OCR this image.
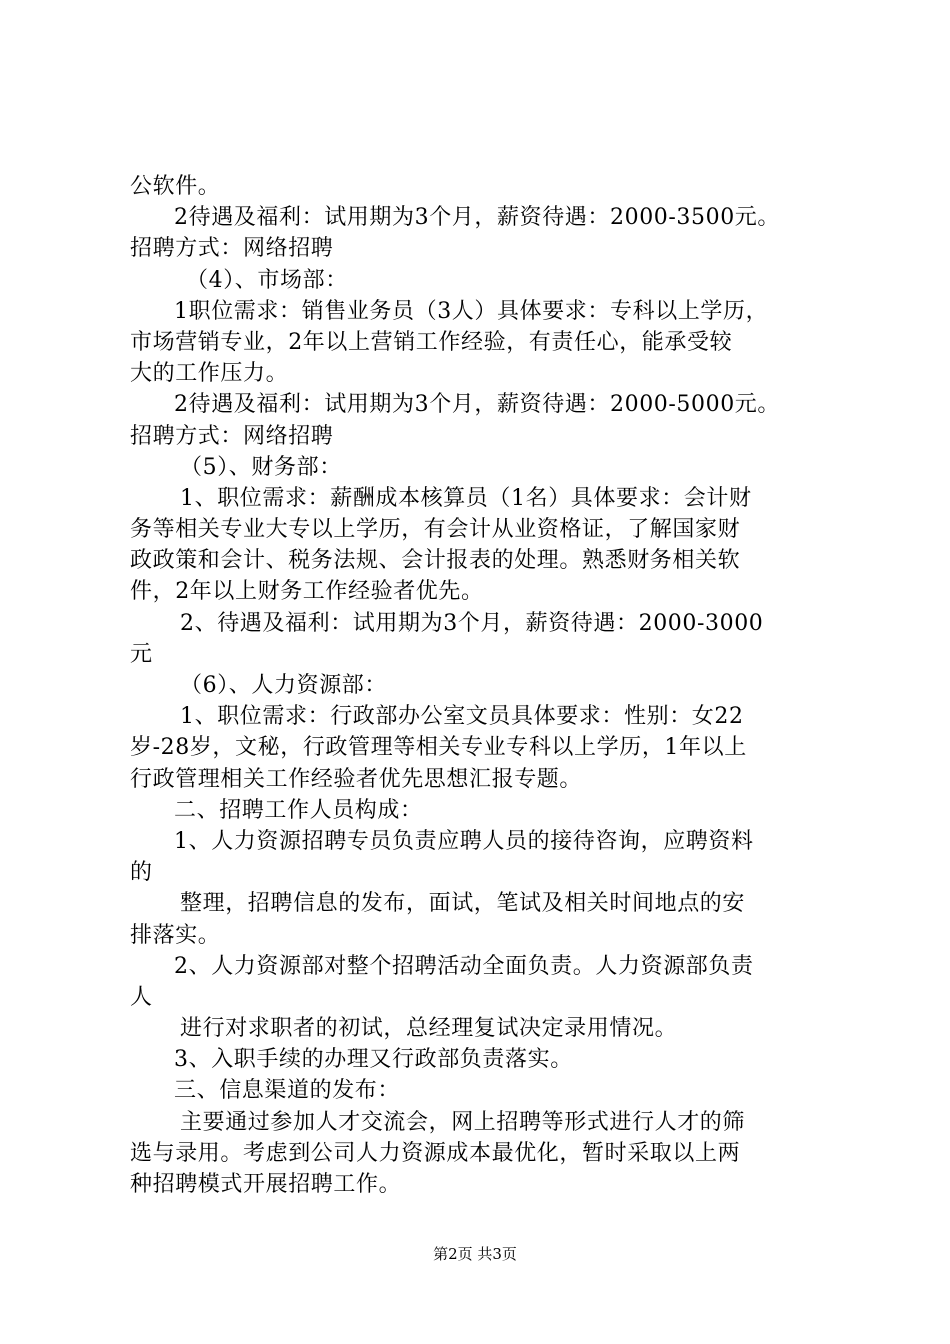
公软件。
2待遇及福利：试用期为3个月，薪资待遇：2000-3500元。
招聘方式：网络招聘
（4）、市场部：
1职位需求：销售业务员（3人）具体要求：专科以上学历，
市场营销专业，2年以上营销工作经验，有责任心，能承受较
大的工作压力。
2待遇及福利：试用期为3个月，薪资待遇：2000-5000元。
招聘方式：网络招聘
（5）、财务部：
1、职位需求：薪酬成本核算员（1名）具体要求：会计财
务等相关专业大专以上学历，有会计从业资格证，了解国家财
政政策和会计、税务法规、会计报表的处理。熟悉财务相关软
件，2年以上财务工作经验者优先。
2、待遇及福利：试用期为3个月，薪资待遇：2000-3000
元
（6）、人力资源部：
1、职位需求：行政部办公室文员具体要求：性别：女22
岁-28岁，文秘，行政管理等相关专业专科以上学历，1年以上
行政管理相关工作经验者优先思想汇报专题。
二、招聘工作人员构成：
1、人力资源招聘专员负责应聘人员的接待咨询，应聘资料
的
整理，招聘信息的发布，面试，笔试及相关时间地点的安
排落实。
2、人力资源部对整个招聘活动全面负责。人力资源部负责
人
进行对求职者的初试，总经理复试决定录用情况。
3、入职手续的办理又行政部负责落实。
三、信息渠道的发布：
主要通过参加人才交流会，网上招聘等形式进行人才的筛
选与录用。考虑到公司人力资源成本最优化，暂时采取以上两
种招聘模式开展招聘工作。
第2页 共3页
